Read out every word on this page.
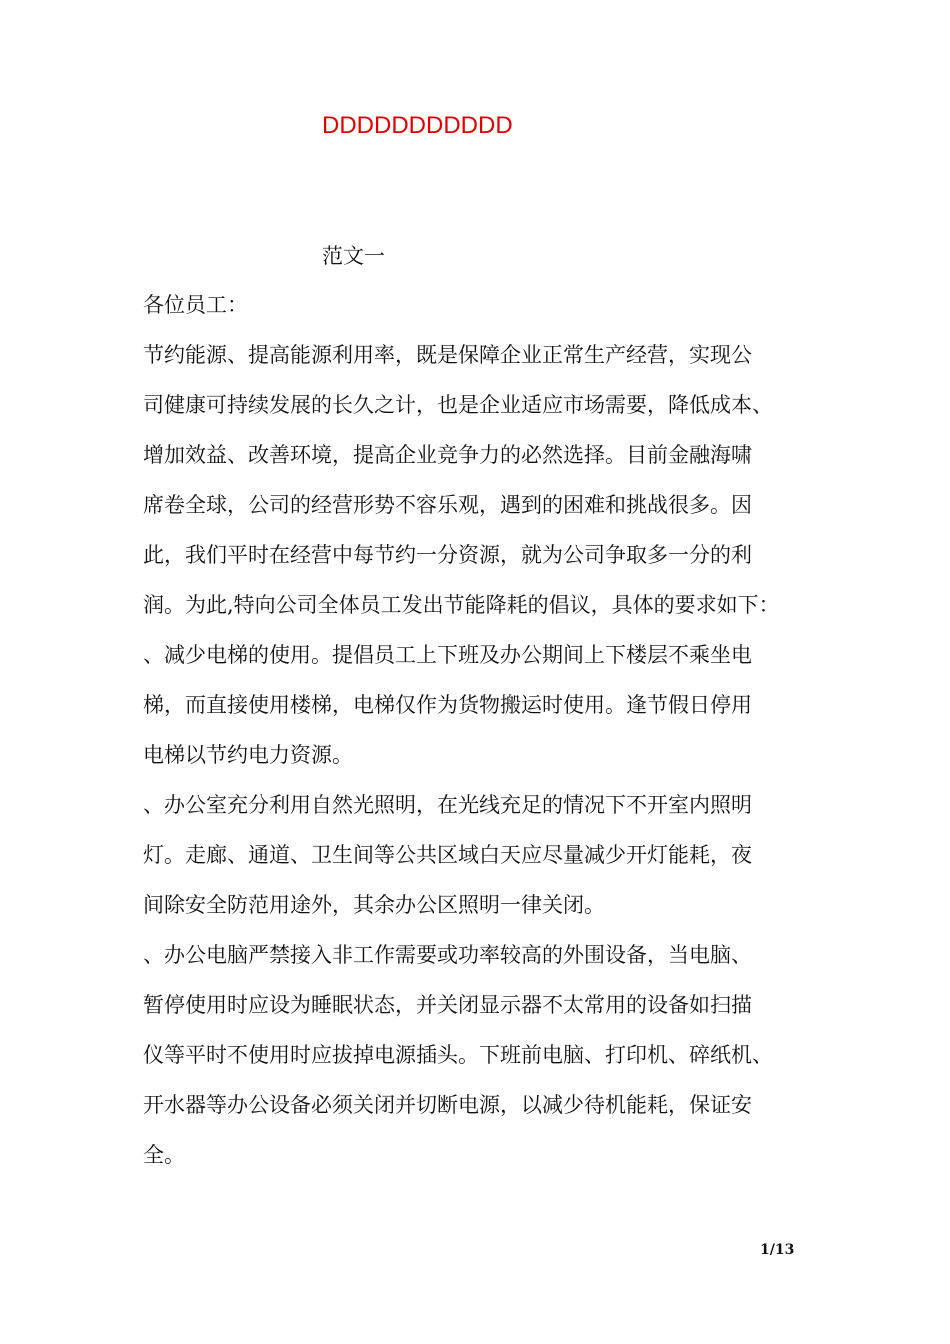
DDDDDDDDDDD
范文一
各位员工：
节约能源、提高能源利用率，既是保障企业正常生产经营，实现公
司健康可持续发展的长久之计，也是企业适应市场需要，降低成本、
增加效益、改善环境，提高企业竞争力的必然选择。目前金融海啸
席卷全球，公司的经营形势不容乐观，遇到的困难和挑战很多。因
此，我们平时在经营中每节约一分资源，就为公司争取多一分的利
润。为此,特向公司全体员工发出节能降耗的倡议，具体的要求如下：
、减少电梯的使用。提倡员工上下班及办公期间上下楼层不乘坐电
梯，而直接使用楼梯，电梯仅作为货物搬运时使用。逢节假日停用
电梯以节约电力资源。
、办公室充分利用自然光照明，在光线充足的情况下不开室内照明
灯。走廊、通道、卫生间等公共区域白天应尽量减少开灯能耗，夜
间除安全防范用途外，其余办公区照明一律关闭。
、办公电脑严禁接入非工作需要或功率较高的外围设备，当电脑、
暂停使用时应设为睡眠状态，并关闭显示器不太常用的设备如扫描
仪等平时不使用时应拔掉电源插头。下班前电脑、打印机、碎纸机、
开水器等办公设备必须关闭并切断电源，以减少待机能耗，保证安
全。
1/13
